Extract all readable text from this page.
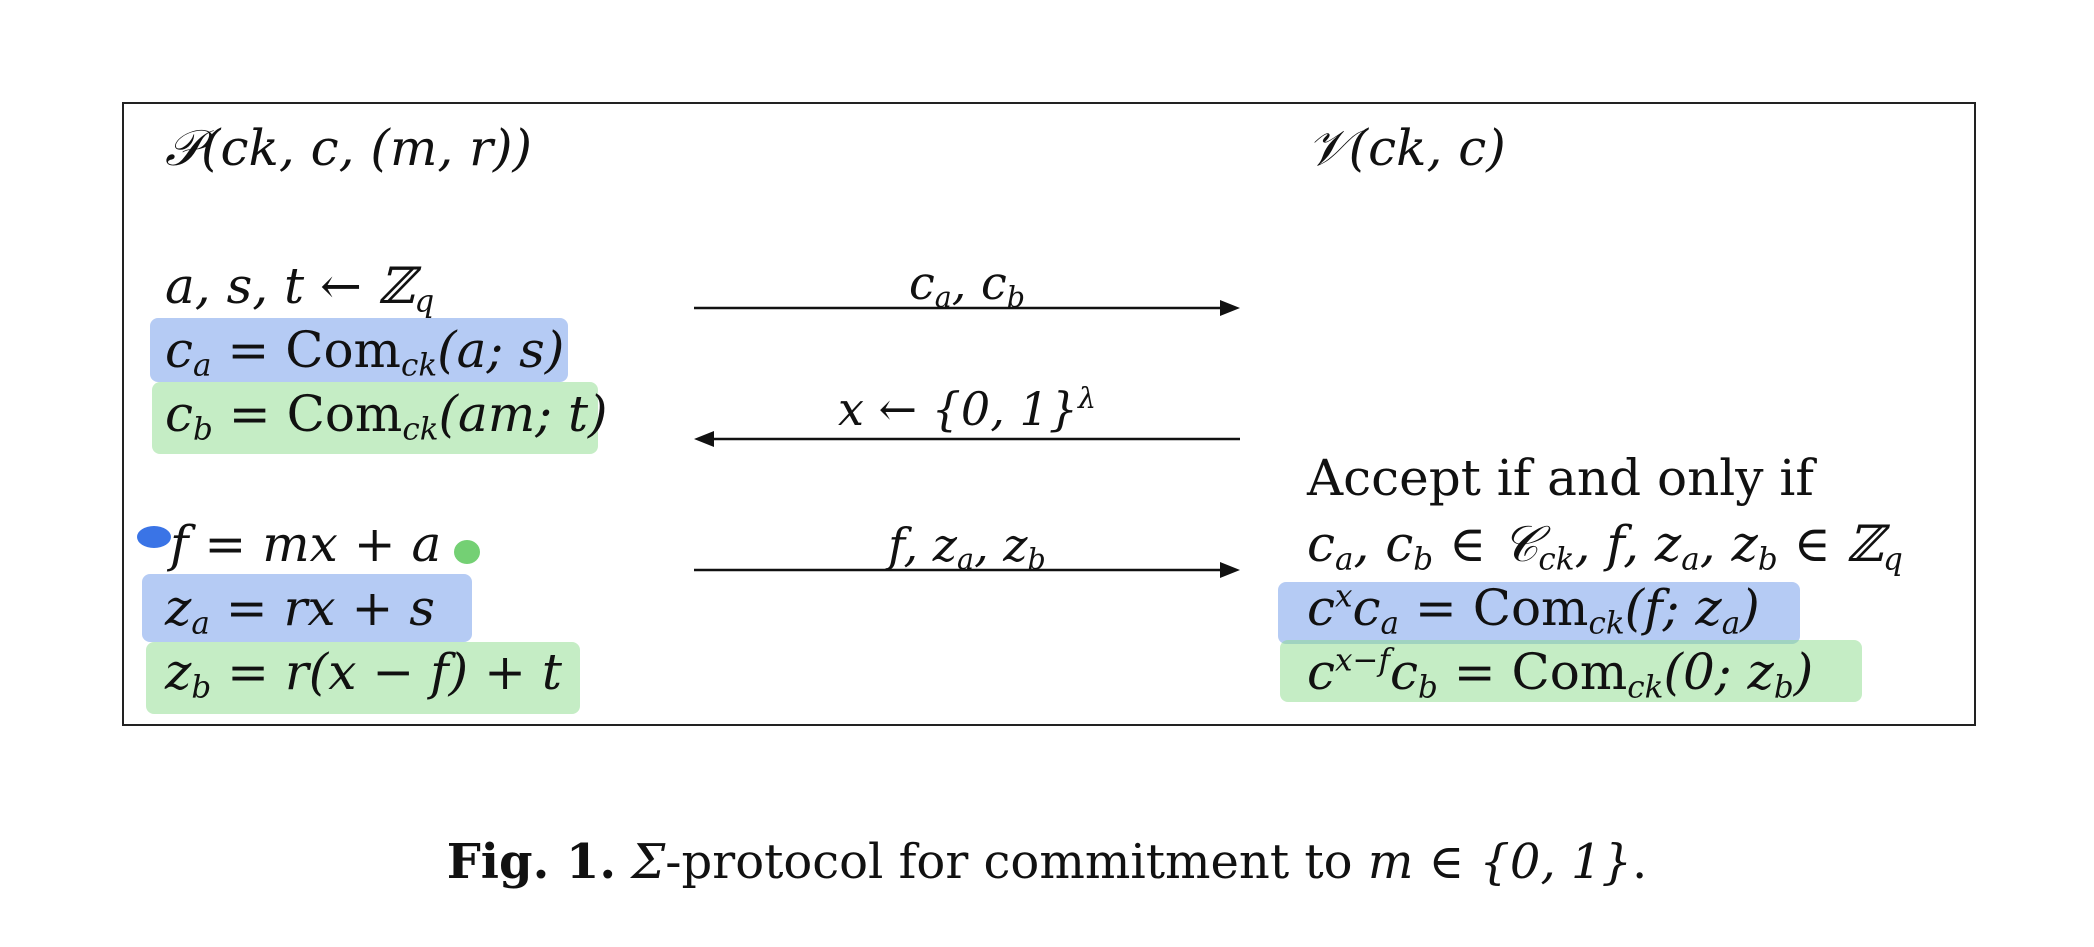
𝒫(ck, c, (m, r))
a, s, t ← ℤ$_q$
$c_a = Com_{ck}(a$; s)
$c_b = Com_{ck}(am$; t)
f = mx + a
$z_a$ = rx + s
$z_b = r(x - f) + t$
𝒱(ck, c)
Accept if and only if
$c_a$, $c_b$ ∈ 𝒞$_{ck}$, f, $z_a$, $z_b$ ∈ ℤ$_q$
$c^xc_a = Com_{ck}(f$; $z_a$)
$c^{x-f}c_b = Com_{ck}(0$; $z_b$)
$c_a$, $c_b$
x ← {0, 1}$^\lambda$
f, $z_a$, $z_b$
Fig. 1. Σ-protocol for commitment to m ∈ {0, 1}.
